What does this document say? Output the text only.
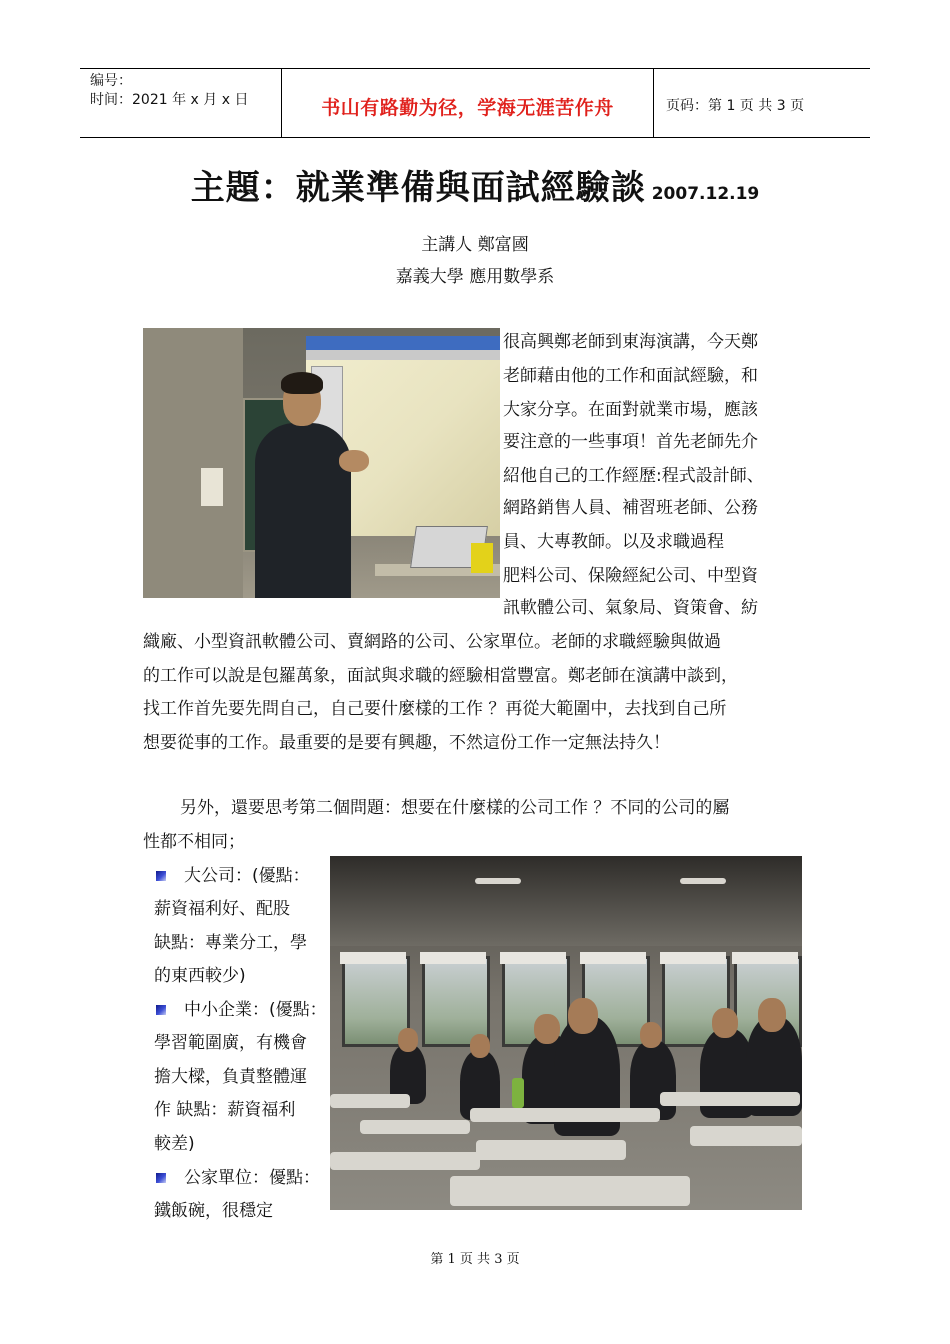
编号：
时间：2021 年 x 月 x 日	书山有路勤为径，学海无涯苦作舟	页码：第 1 页 共 3 页
主題：就業準備與面試經驗談 2007.12.19
主講人 鄭富國
嘉義大學 應用數學系
很高興鄭老師到東海演講，今天鄭
老師藉由他的工作和面試經驗，和
大家分享。在面對就業市場，應該
要注意的一些事項！首先老師先介
紹他自己的工作經歷:程式設計師、
網路銷售人員、補習班老師、公務
員、大專教師。以及求職過程
肥料公司、保險經紀公司、中型資
訊軟體公司、氣象局、資策會、紡
織廠、小型資訊軟體公司、賣網路的公司、公家單位。老師的求職經驗與做過
的工作可以說是包羅萬象，面試與求職的經驗相當豐富。鄭老師在演講中談到，
找工作首先要先問自己，自己要什麼樣的工作 ？再從大範圍中，去找到自己所
想要從事的工作。最重要的是要有興趣，不然這份工作一定無法持久！
另外，還要思考第二個問題：想要在什麼樣的公司工作 ？不同的公司的屬
性都不相同；
大公司：(優點：
薪資福利好、配股
缺點：專業分工，學
的東西較少)
中小企業：(優點：
學習範圍廣，有機會
擔大樑，負責整體運
作 缺點：薪資福利
較差)
公家單位：優點：
鐵飯碗，很穩定
第 1 页 共 3 页
